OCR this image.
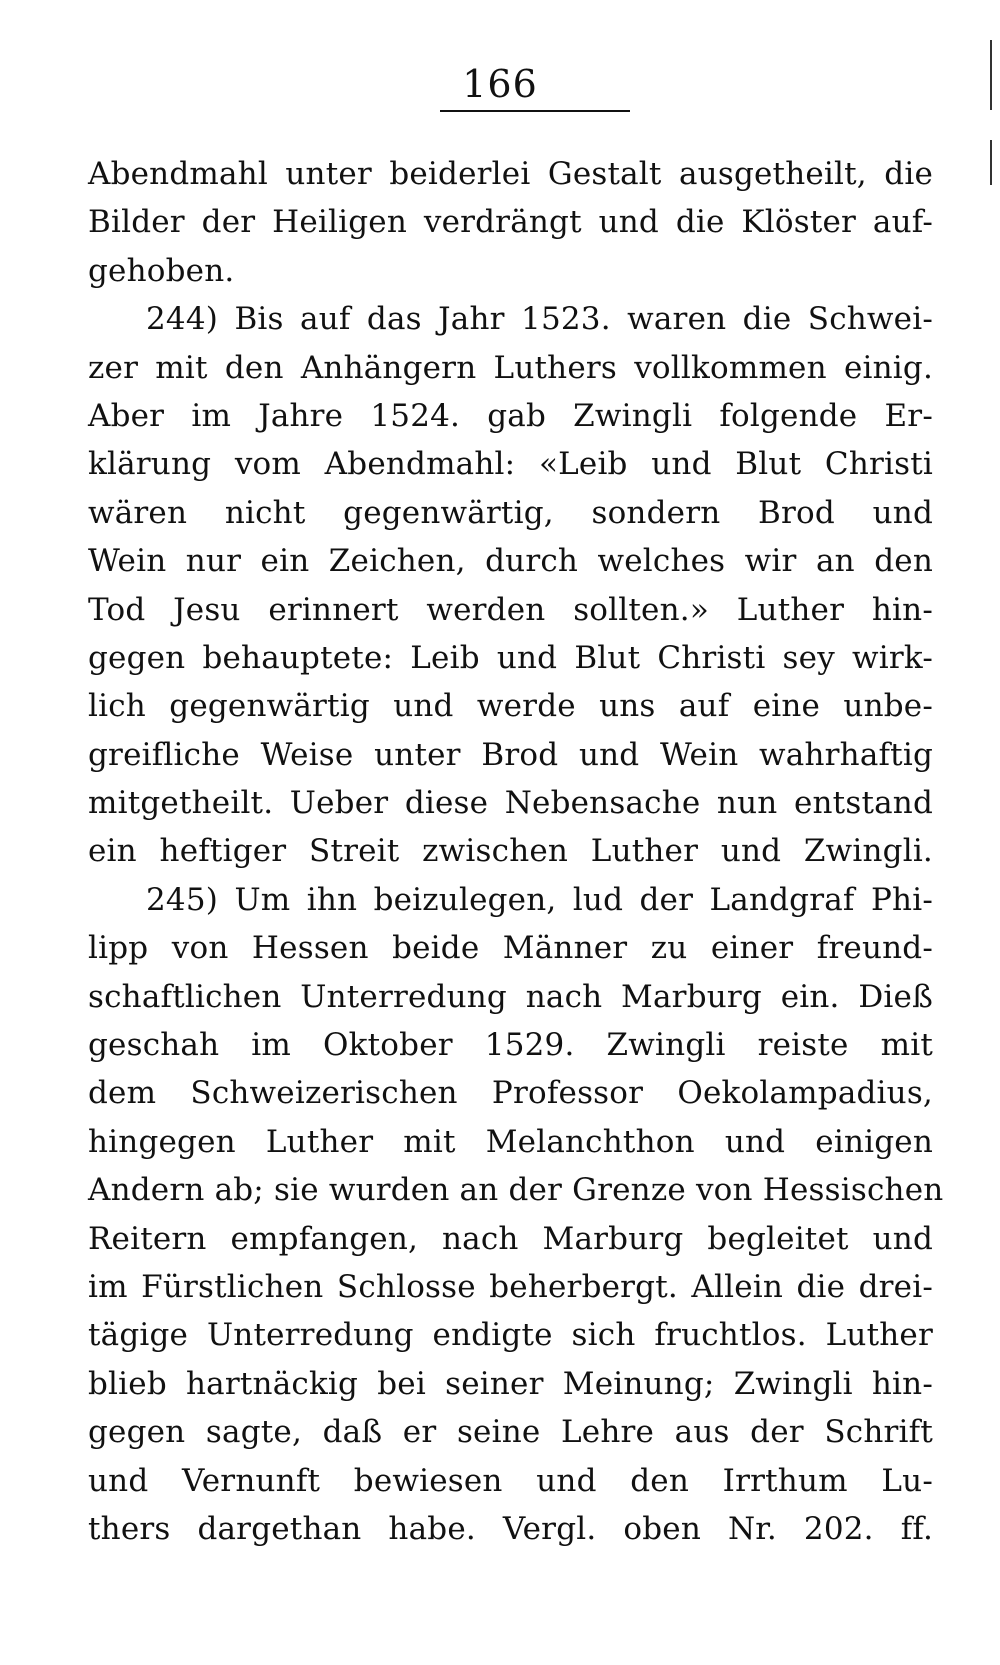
166
Abendmahl unter beiderlei Gestalt ausgetheilt, die
Bilder der Heiligen verdrängt und die Klöster auf-
gehoben.
244) Bis auf das Jahr 1523. waren die Schwei-
zer mit den Anhängern Luthers vollkommen einig.
Aber im Jahre 1524. gab Zwingli folgende Er-
klärung vom Abendmahl: «Leib und Blut Christi
wären nicht gegenwärtig, sondern Brod und
Wein nur ein Zeichen, durch welches wir an den
Tod Jesu erinnert werden sollten.» Luther hin-
gegen behauptete: Leib und Blut Christi sey wirk-
lich gegenwärtig und werde uns auf eine unbe-
greifliche Weise unter Brod und Wein wahrhaftig
mitgetheilt. Ueber diese Nebensache nun entstand
ein heftiger Streit zwischen Luther und Zwingli.
245) Um ihn beizulegen, lud der Landgraf Phi-
lipp von Hessen beide Männer zu einer freund-
schaftlichen Unterredung nach Marburg ein. Dieß
geschah im Oktober 1529. Zwingli reiste mit
dem Schweizerischen Professor Oekolampadius,
hingegen Luther mit Melanchthon und einigen
Andern ab; sie wurden an der Grenze von Hessischen
Reitern empfangen, nach Marburg begleitet und
im Fürstlichen Schlosse beherbergt. Allein die drei-
tägige Unterredung endigte sich fruchtlos. Luther
blieb hartnäckig bei seiner Meinung; Zwingli hin-
gegen sagte, daß er seine Lehre aus der Schrift
und Vernunft bewiesen und den Irrthum Lu-
thers dargethan habe. Vergl. oben Nr. 202. ff.
